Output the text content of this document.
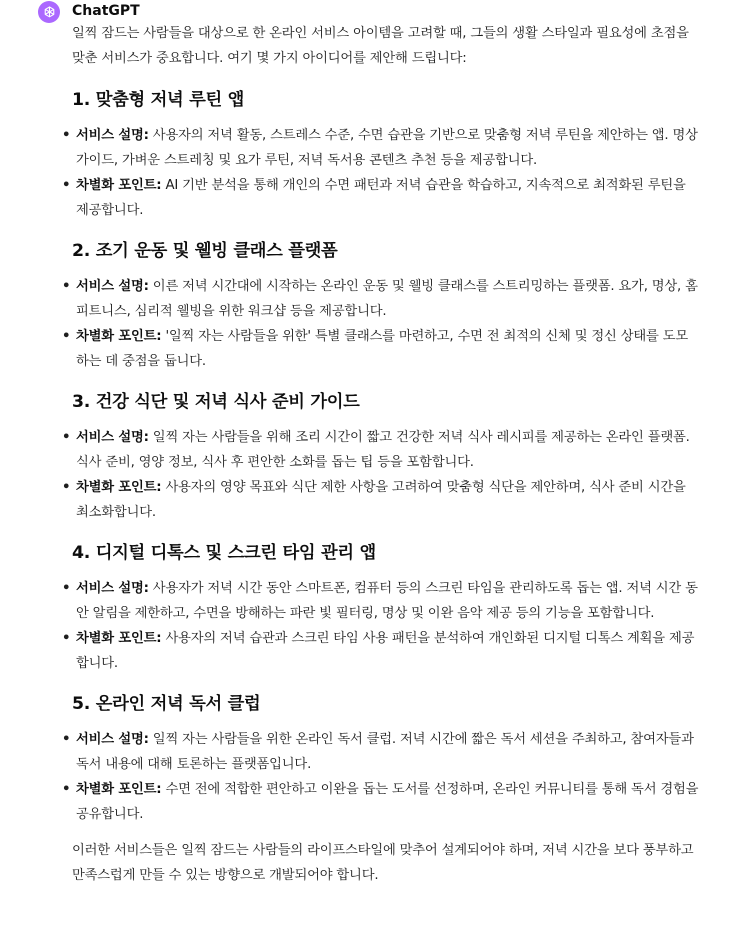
ChatGPT

일찍 잠드는 사람들을 대상으로 한 온라인 서비스 아이템을 고려할 때, 그들의 생활 스타일과 필요성에 초점을 맞춘 서비스가 중요합니다. 여기 몇 가지 아이디어를 제안해 드립니다:

1. 맞춤형 저녁 루틴 앱
• 서비스 설명: 사용자의 저녁 활동, 스트레스 수준, 수면 습관을 기반으로 맞춤형 저녁 루틴을 제안하는 앱. 명상 가이드, 가벼운 스트레칭 및 요가 루틴, 저녁 독서용 콘텐츠 추천 등을 제공합니다.
• 차별화 포인트: AI 기반 분석을 통해 개인의 수면 패턴과 저녁 습관을 학습하고, 지속적으로 최적화된 루틴을 제공합니다.
2. 조기 운동 및 웰빙 클래스 플랫폼
• 서비스 설명: 이른 저녁 시간대에 시작하는 온라인 운동 및 웰빙 클래스를 스트리밍하는 플랫폼. 요가, 명상, 홈 피트니스, 심리적 웰빙을 위한 워크샵 등을 제공합니다.
• 차별화 포인트: '일찍 자는 사람들을 위한' 특별 클래스를 마련하고, 수면 전 최적의 신체 및 정신 상태를 도모하는 데 중점을 둡니다.
3. 건강 식단 및 저녁 식사 준비 가이드
• 서비스 설명: 일찍 자는 사람들을 위해 조리 시간이 짧고 건강한 저녁 식사 레시피를 제공하는 온라인 플랫폼. 식사 준비, 영양 정보, 식사 후 편안한 소화를 돕는 팁 등을 포함합니다.
• 차별화 포인트: 사용자의 영양 목표와 식단 제한 사항을 고려하여 맞춤형 식단을 제안하며, 식사 준비 시간을 최소화합니다.
4. 디지털 디톡스 및 스크린 타임 관리 앱
• 서비스 설명: 사용자가 저녁 시간 동안 스마트폰, 컴퓨터 등의 스크린 타임을 관리하도록 돕는 앱. 저녁 시간 동안 알림을 제한하고, 수면을 방해하는 파란 빛 필터링, 명상 및 이완 음악 제공 등의 기능을 포함합니다.
• 차별화 포인트: 사용자의 저녁 습관과 스크린 타임 사용 패턴을 분석하여 개인화된 디지털 디톡스 계획을 제공합니다.
5. 온라인 저녁 독서 클럽
• 서비스 설명: 일찍 자는 사람들을 위한 온라인 독서 클럽. 저녁 시간에 짧은 독서 세션을 주최하고, 참여자들과 독서 내용에 대해 토론하는 플랫폼입니다.
• 차별화 포인트: 수면 전에 적합한 편안하고 이완을 돕는 도서를 선정하며, 온라인 커뮤니티를 통해 독서 경험을 공유합니다.

이러한 서비스들은 일찍 잠드는 사람들의 라이프스타일에 맞추어 설계되어야 하며, 저녁 시간을 보다 풍부하고 만족스럽게 만들 수 있는 방향으로 개발되어야 합니다.
